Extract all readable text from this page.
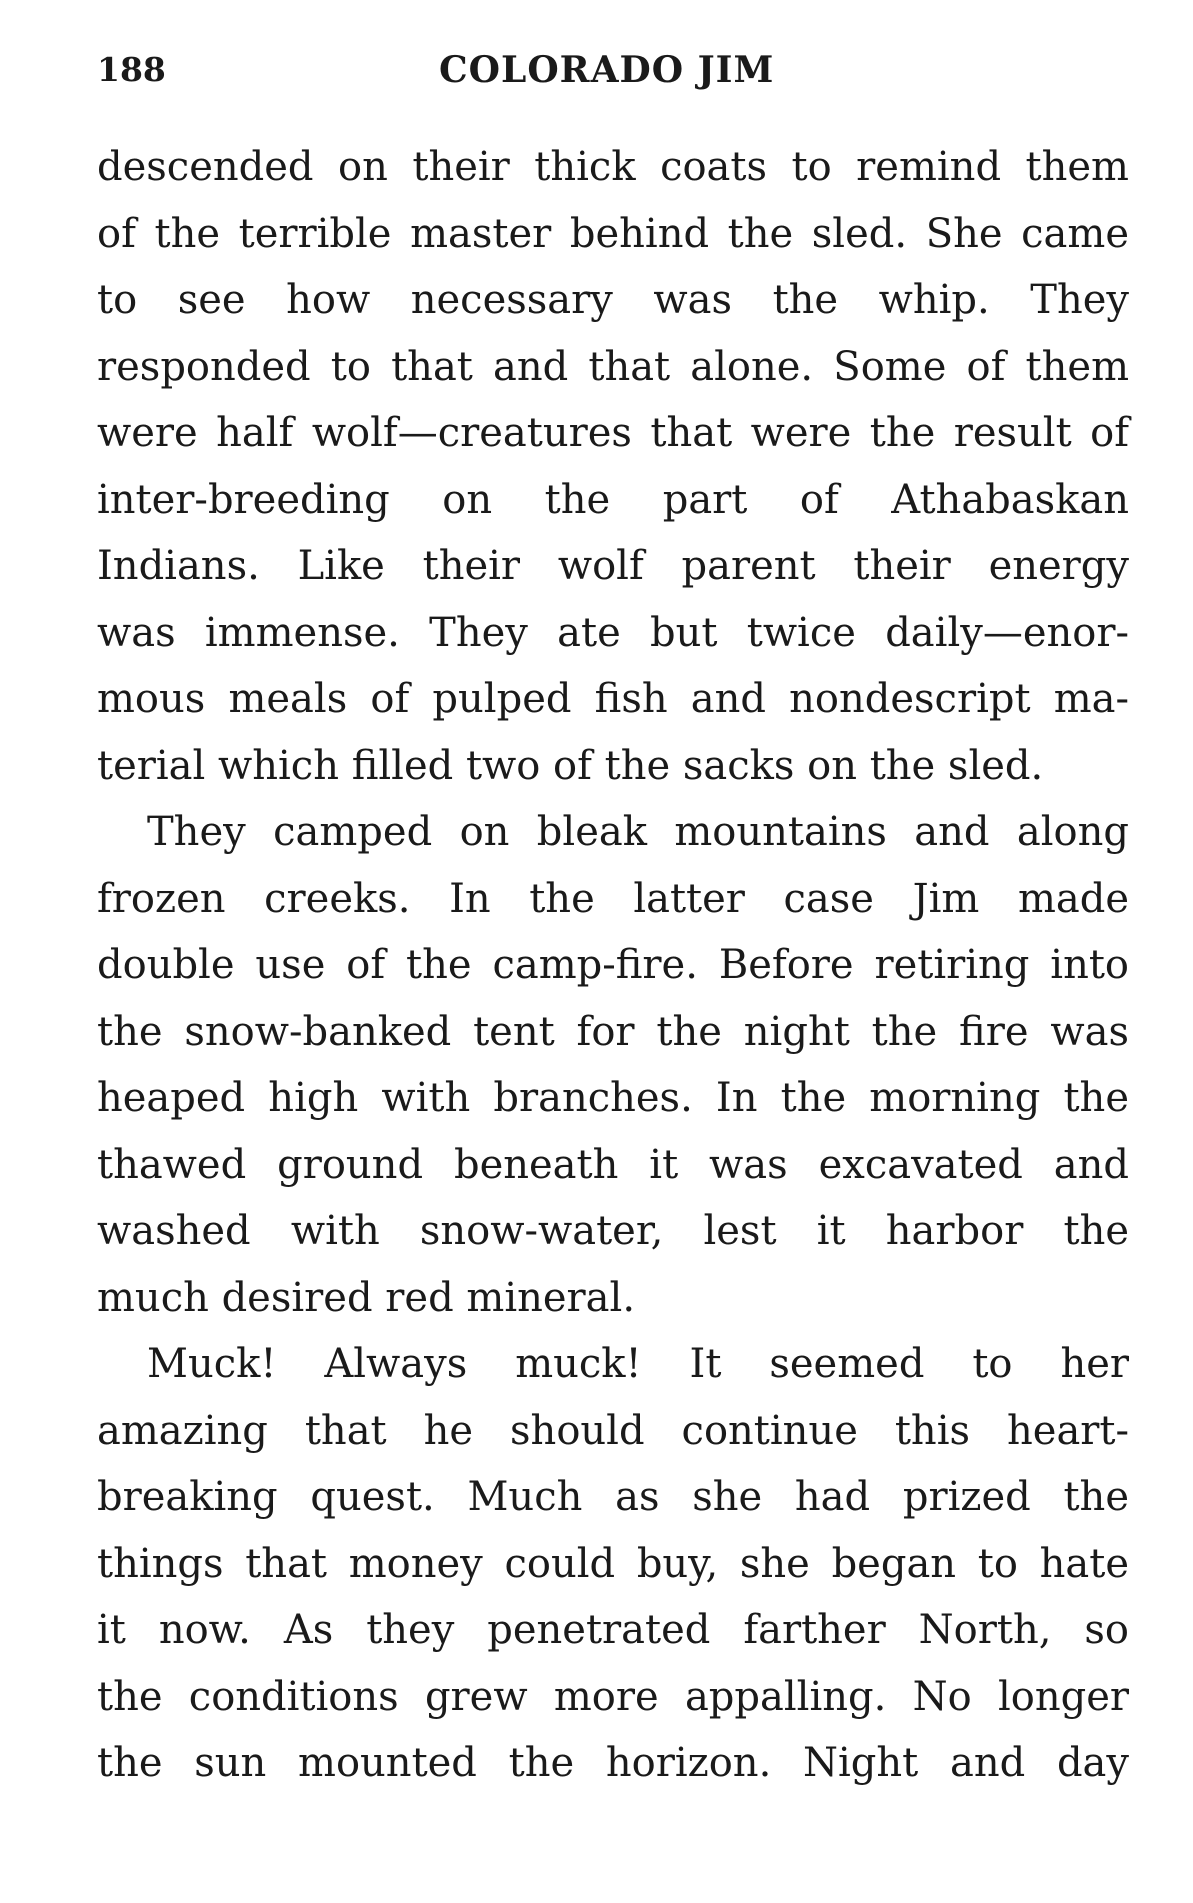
188	COLORADO JIM
descended on their thick coats to remind them
of the terrible master behind the sled. She came
to see how necessary was the whip. They
responded to that and that alone. Some of them
were half wolf—creatures that were the result of
inter-breeding on the part of Athabaskan
Indians. Like their wolf parent their energy
was immense. They ate but twice daily—enor-
mous meals of pulped fish and nondescript ma-
terial which filled two of the sacks on the sled.
They camped on bleak mountains and along
frozen creeks. In the latter case Jim made
double use of the camp-fire. Before retiring into
the snow-banked tent for the night the fire was
heaped high with branches. In the morning the
thawed ground beneath it was excavated and
washed with snow-water, lest it harbor the
much desired red mineral.
Muck! Always muck! It seemed to her
amazing that he should continue this heart-
breaking quest. Much as she had prized the
things that money could buy, she began to hate
it now. As they penetrated farther North, so
the conditions grew more appalling. No longer
the sun mounted the horizon. Night and day
